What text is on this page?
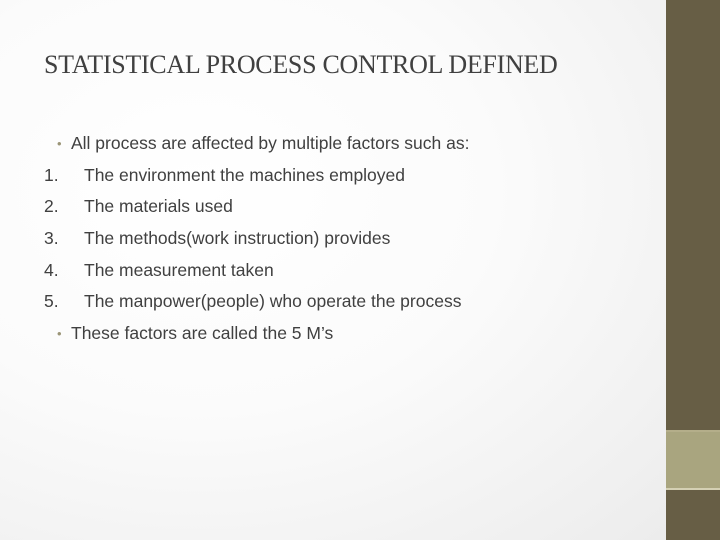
STATISTICAL PROCESS CONTROL DEFINED
• All process are affected by multiple factors such as:
1. The environment the machines employed
2. The materials used
3. The methods(work instruction) provides
4. The measurement taken
5. The manpower(people) who operate the process
• These factors are called the 5 M’s
